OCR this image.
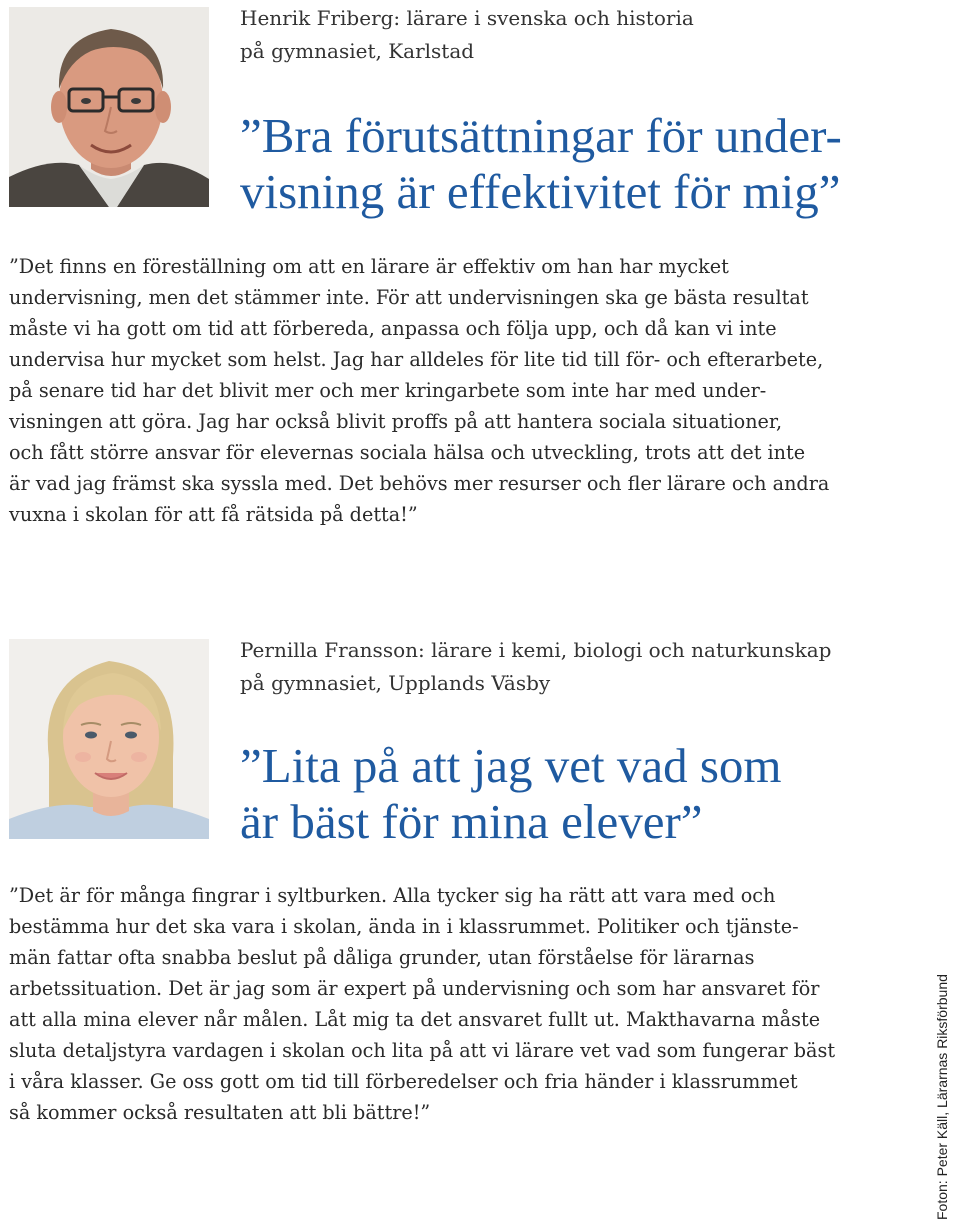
Henrik Friberg: lärare i svenska och historia
på gymnasiet, Karlstad
”Bra förutsättningar för under-
visning är effektivitet för mig”
”Det finns en föreställning om att en lärare är effektiv om han har mycket
undervisning, men det stämmer inte. För att undervisningen ska ge bästa resultat
måste vi ha gott om tid att förbereda, anpassa och följa upp, och då kan vi inte
undervisa hur mycket som helst. Jag har alldeles för lite tid till för- och efterarbete,
på senare tid har det blivit mer och mer kringarbete som inte har med under-
visningen att göra. Jag har också blivit proffs på att hantera sociala situationer,
och fått större ansvar för elevernas sociala hälsa och utveckling, trots att det inte
är vad jag främst ska syssla med. Det behövs mer resurser och fler lärare och andra
vuxna i skolan för att få rätsida på detta!”
Pernilla Fransson: lärare i kemi, biologi och naturkunskap
på gymnasiet, Upplands Väsby
”Lita på att jag vet vad som
är bäst för mina elever”
”Det är för många fingrar i syltburken. Alla tycker sig ha rätt att vara med och
bestämma hur det ska vara i skolan, ända in i klassrummet. Politiker och tjänste-
män fattar ofta snabba beslut på dåliga grunder, utan förståelse för lärarnas
arbetssituation. Det är jag som är expert på undervisning och som har ansvaret för
att alla mina elever når målen. Låt mig ta det ansvaret fullt ut. Makthavarna måste
sluta detaljstyra vardagen i skolan och lita på att vi lärare vet vad som fungerar bäst
i våra klasser. Ge oss gott om tid till förberedelser och fria händer i klassrummet
så kommer också resultaten att bli bättre!”	Foton: Peter Käll, Lärarnas Riksförbund
